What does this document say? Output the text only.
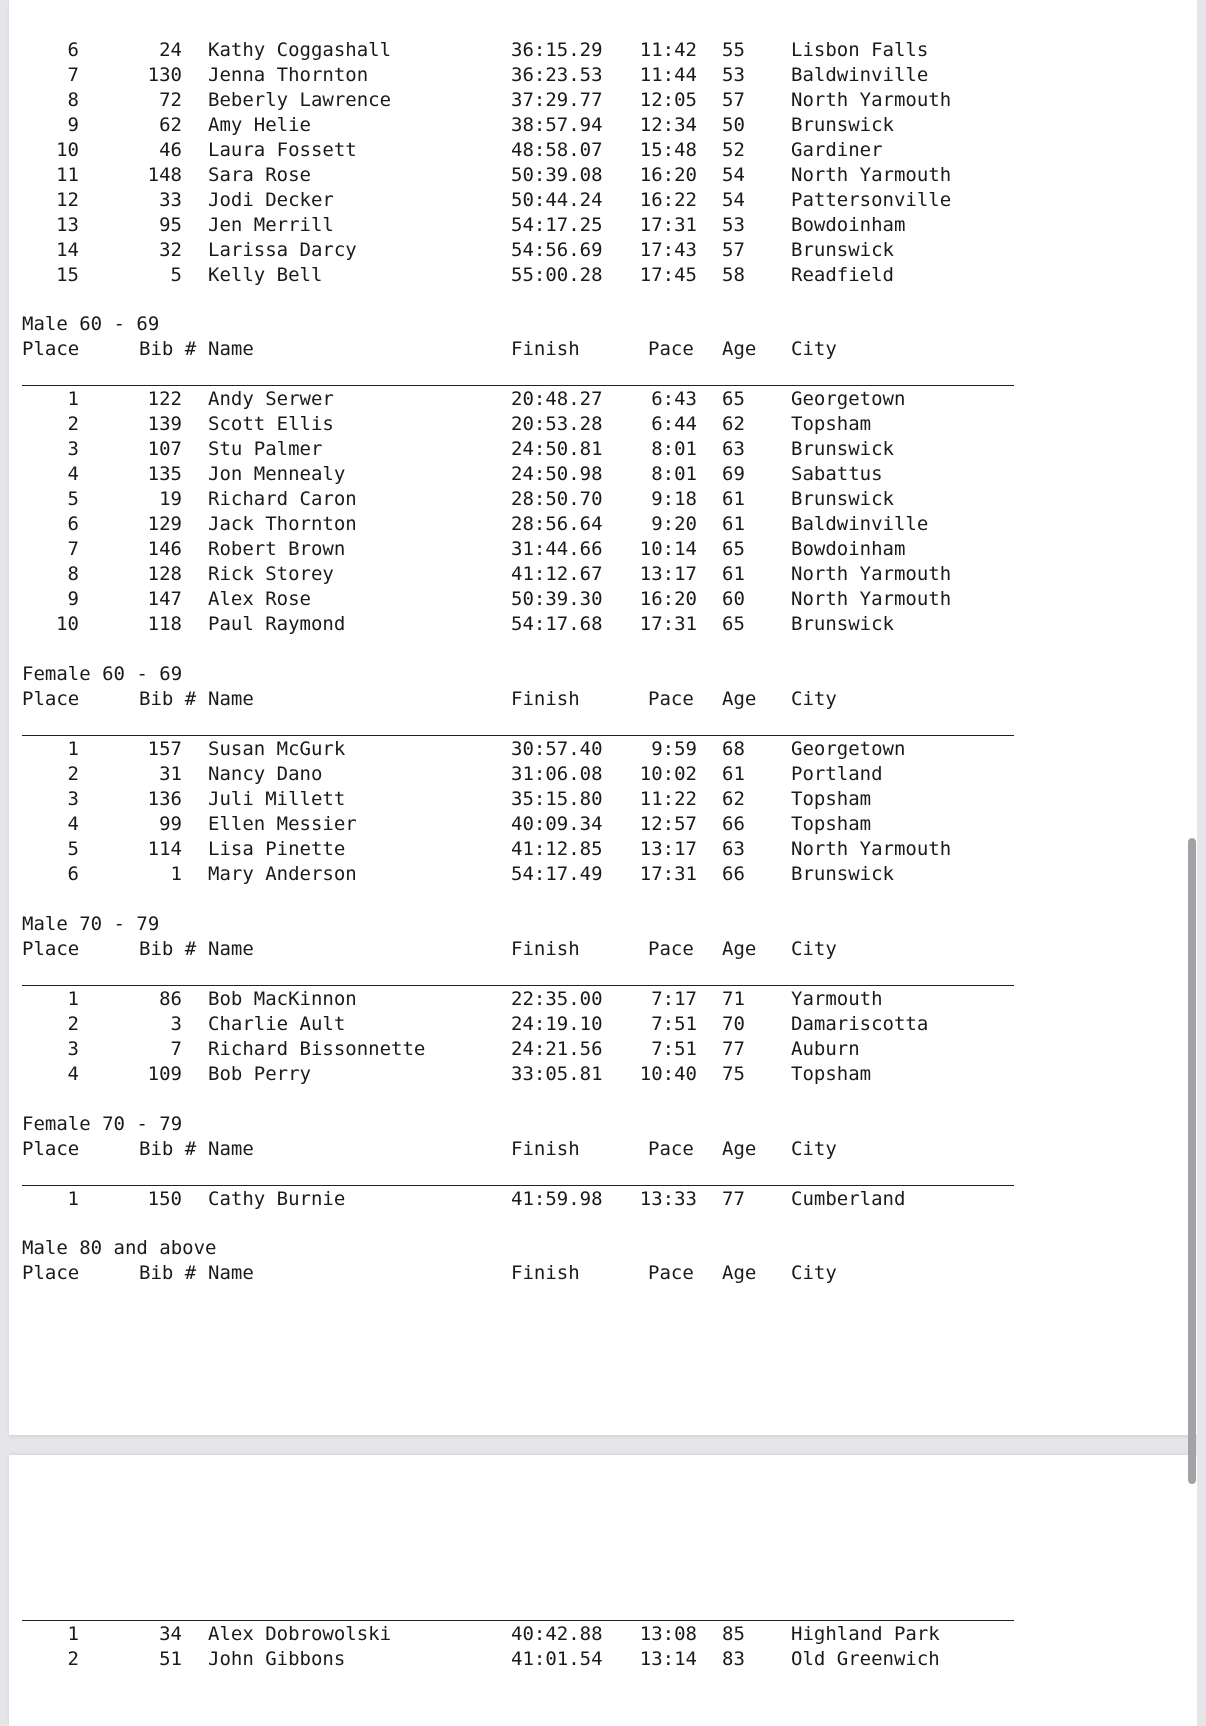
6	24 Kathy Coggashall	36:15.29	11:42 55 Lisbon Falls
7	130 Jenna Thornton	36:23.53	11:44 53 Baldwinville
8	72 Beberly Lawrence	37:29.77	12:05 57 North Yarmouth
9	62 Amy Helie	38:57.94	12:34 50 Brunswick
10	46 Laura Fossett	48:58.07	15:48 52 Gardiner
11	148 Sara Rose	50:39.08	16:20 54 North Yarmouth
12	33 Jodi Decker	50:44.24	16:22 54 Pattersonville
13	95 Jen Merrill	54:17.25	17:31 53 Bowdoinham
14	32 Larissa Darcy	54:56.69	17:43 57 Brunswick
15	5 Kelly Bell	55:00.28	17:45 58 Readfield
Male 60 - 69
Place	Bib # Name	Finish	Pace Age City
1	122 Andy Serwer	20:48.27	6:43 65 Georgetown
2	139 Scott Ellis	20:53.28	6:44 62 Topsham
3	107 Stu Palmer	24:50.81	8:01 63 Brunswick
4	135 Jon Mennealy	24:50.98	8:01 69 Sabattus
5	19 Richard Caron	28:50.70	9:18 61 Brunswick
6	129 Jack Thornton	28:56.64	9:20 61 Baldwinville
7	146 Robert Brown	31:44.66	10:14 65 Bowdoinham
8	128 Rick Storey	41:12.67	13:17 61 North Yarmouth
9	147 Alex Rose	50:39.30	16:20 60 North Yarmouth
10	118 Paul Raymond	54:17.68	17:31 65 Brunswick
Female 60 - 69
Place	Bib # Name	Finish	Pace Age City
1	157 Susan McGurk	30:57.40	9:59 68 Georgetown
2	31 Nancy Dano	31:06.08	10:02 61 Portland
3	136 Juli Millett	35:15.80	11:22 62 Topsham
4	99 Ellen Messier	40:09.34	12:57 66 Topsham
5	114 Lisa Pinette	41:12.85	13:17 63 North Yarmouth
6	1 Mary Anderson	54:17.49	17:31 66 Brunswick
Male 70 - 79
Place	Bib # Name	Finish	Pace Age City
1	86 Bob MacKinnon	22:35.00	7:17 71 Yarmouth
2	3 Charlie Ault	24:19.10	7:51 70 Damariscotta
3	7 Richard Bissonnette	24:21.56	7:51 77 Auburn
4	109 Bob Perry	33:05.81	10:40 75 Topsham
Female 70 - 79
Place	Bib # Name	Finish	Pace Age City
1	150 Cathy Burnie	41:59.98	13:33 77 Cumberland
Male 80 and above
Place	Bib # Name	Finish	Pace Age City
1	34 Alex Dobrowolski	40:42.88	13:08 85 Highland Park
2	51 John Gibbons	41:01.54	13:14 83 Old Greenwich
